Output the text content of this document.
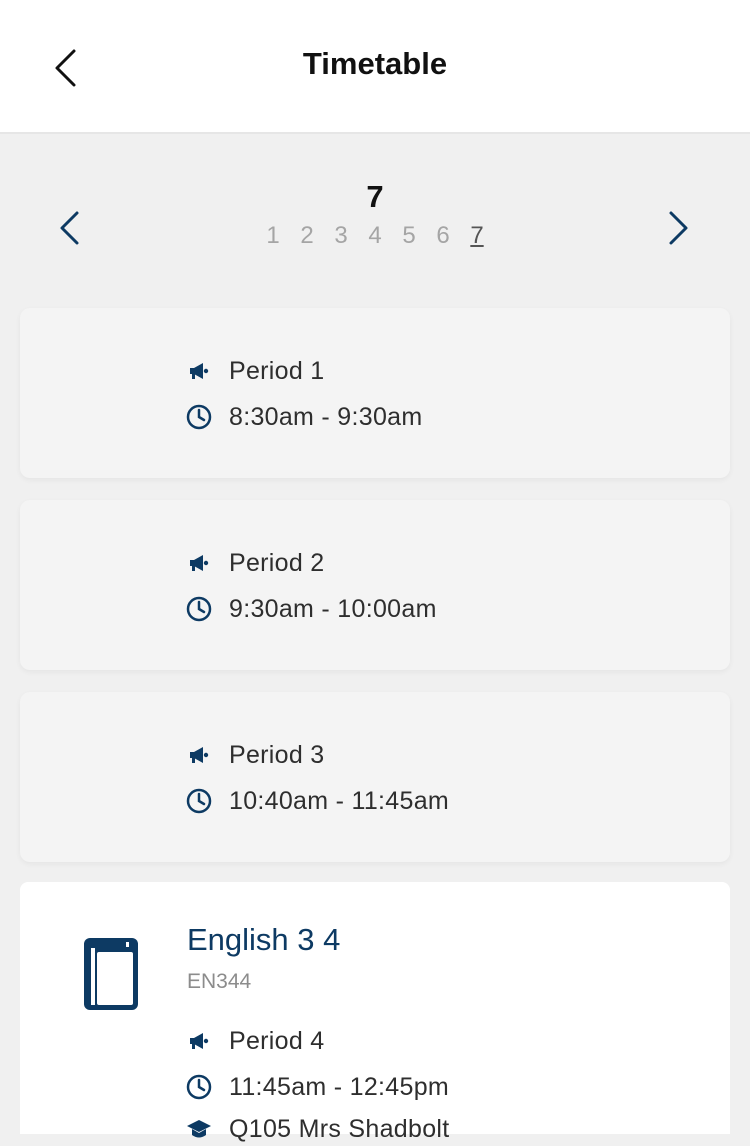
Timetable
7
1 2 3 4 5 6 7
Period 1
8:30am - 9:30am
Period 2
9:30am - 10:00am
Period 3
10:40am - 11:45am
English 3 4
EN344
Period 4
11:45am - 12:45pm
Q105 Mrs Shadbolt
